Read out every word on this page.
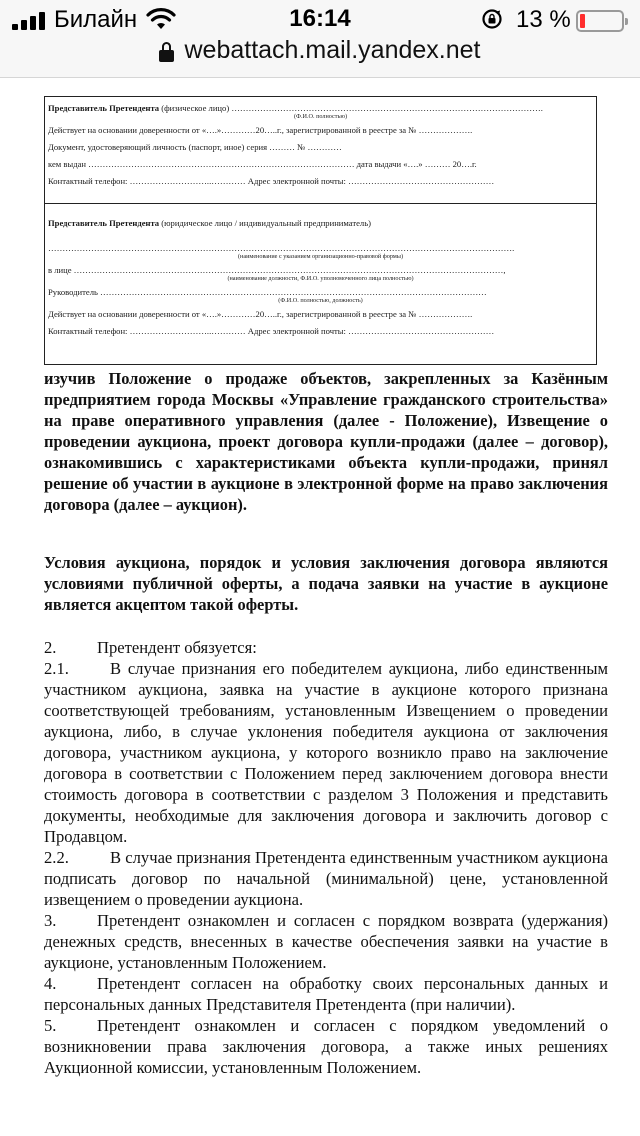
Билайн	16:14	13 %
webattach.mail.yandex.net
Представитель Претендента (физическое лицо) ……………………………………………………………………………………………….
(Ф.И.О. полностью)
Действует на основании доверенности от «….»…………20…..г., зарегистрированной в реестре за № ……………….
Документ, удостоверяющий личность (паспорт, иное) серия ……… № …………
кем выдан ………………………………………………………………………………… дата выдачи «….» ……… 20….г.
Контактный телефон: ………………………..………… Адрес электронной почты: ……………………………………………
Представитель Претендента (юридическое лицо / индивидуальный предприниматель)
……………………………………………………………………………………………………………………………………………….
(наименование с указанием организационно-правовой формы)
в лице ……………………………………………………………………………………………………………………………………,
(наименование должности, Ф.И.О. уполномоченного лица полностью)
Руководитель ………………………………………………………………………………………………………………………
(Ф.И.О. полностью, должность)
Действует на основании доверенности от «….»…………20…..г., зарегистрированной в реестре за № ……………….
Контактный телефон: ………………………..………… Адрес электронной почты: ……………………………………………

изучив Положение о продаже объектов, закрепленных за Казённым предприятием города Москвы «Управление гражданского строительства» на праве оперативного управления (далее - Положение), Извещение о проведении аукциона, проект договора купли-продажи (далее – договор), ознакомившись с характеристиками объекта купли-продажи, принял решение об участии в аукционе в электронной форме на право заключения договора (далее – аукцион).

Условия аукциона, порядок и условия заключения договора являются условиями публичной оферты, а подача заявки на участие в аукционе является акцептом такой оферты.

2. Претендент обязуется:

2.1. В случае признания его победителем аукциона, либо единственным участником аукциона, заявка на участие в аукционе которого признана соответствующей требованиям, установленным Извещением о проведении аукциона, либо, в случае уклонения победителя аукциона от заключения договора, участником аукциона, у которого возникло право на заключение договора в соответствии с Положением перед заключением договора внести стоимость договора в соответствии с разделом 3 Положения и представить документы, необходимые для заключения договора и заключить договор с Продавцом.

2.2. В случае признания Претендента единственным участником аукциона подписать договор по начальной (минимальной) цене, установленной извещением о проведении аукциона.

3. Претендент ознакомлен и согласен с порядком возврата (удержания) денежных средств, внесенных в качестве обеспечения заявки на участие в аукционе, установленным Положением.

4. Претендент согласен на обработку своих персональных данных и персональных данных Представителя Претендента (при наличии).

5. Претендент ознакомлен и согласен с порядком уведомлений о возникновении права заключения договора, а также иных решениях Аукционной комиссии, установленным Положением.
